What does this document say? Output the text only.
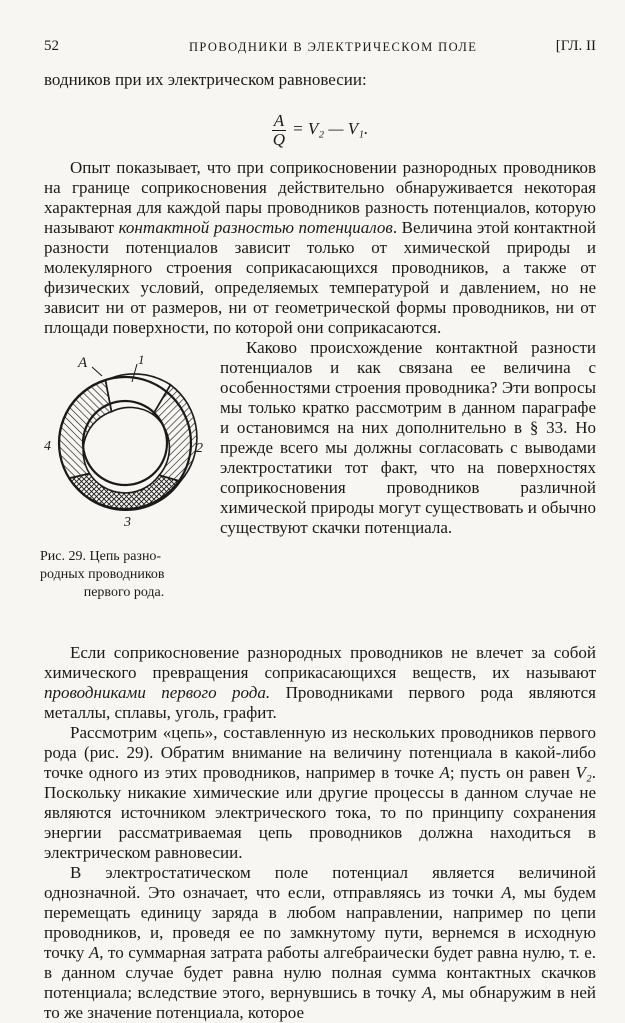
52	ПРОВОДНИКИ В ЭЛЕКТРИЧЕСКОМ ПОЛЕ	[ГЛ. II

водников при их электрическом равновесии:

$\frac{A}{Q} = V_2$ — V₁.

Опыт показывает, что при соприкосновении разнородных проводников на границе соприкосновения действительно обнаруживается некоторая характерная для каждой пары проводников разность потенциалов, которую называют контактной разностью потенциалов. Величина этой контактной разности потенциалов зависит только от химической природы и молекулярного строения соприкасающихся проводников, а также от физических условий, определяемых температурой и давлением, но не зависит ни от размеров, ни от геометрической формы проводников, ни от площади поверхности, по которой они соприкасаются.

A	1
2
3
4
Рис. 29. Цепь разно-
родных проводников
первого рода.

Каково происхождение контактной разности потенциалов и как связана ее величина с особенностями строения проводника? Эти вопросы мы только кратко рассмотрим в данном параграфе и остановимся на них дополнительно в § 33. Но прежде всего мы должны согласовать с выводами электростатики тот факт, что на поверхностях соприкосновения проводников различной химической природы могут существовать и обычно существуют скачки потенциала.

Если соприкосновение разнородных проводников не влечет за собой химического превращения соприкасающихся веществ, их называют проводниками первого рода. Проводниками первого рода являются металлы, сплавы, уголь, графит.

Рассмотрим «цепь», составленную из нескольких проводников первого рода (рис. 29). Обратим внимание на величину потенциала в какой-либо точке одного из этих проводников, например в точке A; пусть он равен V₂. Поскольку никакие химические или другие процессы в данном случае не являются источником электрического тока, то по принципу сохранения энергии рассматриваемая цепь проводников должна находиться в электрическом равновесии.

В электростатическом поле потенциал является величиной однозначной. Это означает, что если, отправляясь из точки A, мы будем перемещать единицу заряда в любом направлении, например по цепи проводников, и, проведя ее по замкнутому пути, вернемся в исходную точку A, то суммарная затрата работы алгебраически будет равна нулю, т. е. в данном случае будет равна нулю полная сумма контактных скачков потенциала; вследствие этого, вернувшись в точку A, мы обнаружим в ней то же значение потенциала, которое
